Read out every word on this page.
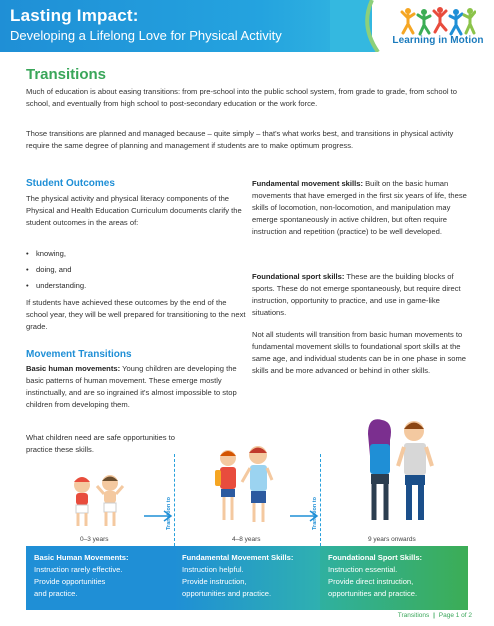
Lasting Impact:
Developing a Lifelong Love for Physical Activity	Learning in Motion
Transitions
Much of education is about easing transitions: from pre-school into the public school system, from grade to grade, from school to school, and eventually from high school to post-secondary education or the work force.
Those transitions are planned and managed because – quite simply – that's what works best, and transitions in physical activity require the same degree of planning and management if students are to make optimum progress.
Student Outcomes
The physical activity and physical literacy components of the Physical and Health Education Curriculum documents clarify the student outcomes in the areas of:
• knowing,
• doing, and
• understanding.
If students have achieved these outcomes by the end of the school year, they will be well prepared for transitioning to the next grade.
Movement Transitions
Basic human movements: Young children are developing the basic patterns of human movement. These emerge mostly instinctually, and are so ingrained it's almost impossible to stop children from developing them.
What children need are safe opportunities to practice these skills.
Fundamental movement skills: Built on the basic human movements that have emerged in the first six years of life, these skills of locomotion, non-locomotion, and manipulation may emerge spontaneously in active children, but often require instruction and repetition (practice) to be well developed.
Foundational sport skills: These are the building blocks of sports. These do not emerge spontaneously, but require direct instruction, opportunity to practice, and use in game-like situations.
Not all students will transition from basic human movements to fundamental movement skills to foundational sport skills at the same age, and individual students can be in one phase in some skills and be more advanced or behind in other skills.
Transition to	Transition to
0–3 years	4–8 years	9 years onwards
Basic Human Movements:
Instruction rarely effective.
Provide opportunities
and practice.
Fundamental Movement Skills:
Instruction helpful.
Provide instruction,
opportunities and practice.
Foundational Sport Skills:
Instruction essential.
Provide direct instruction,
opportunities and practice.
Transitions | Page 1 of 2
